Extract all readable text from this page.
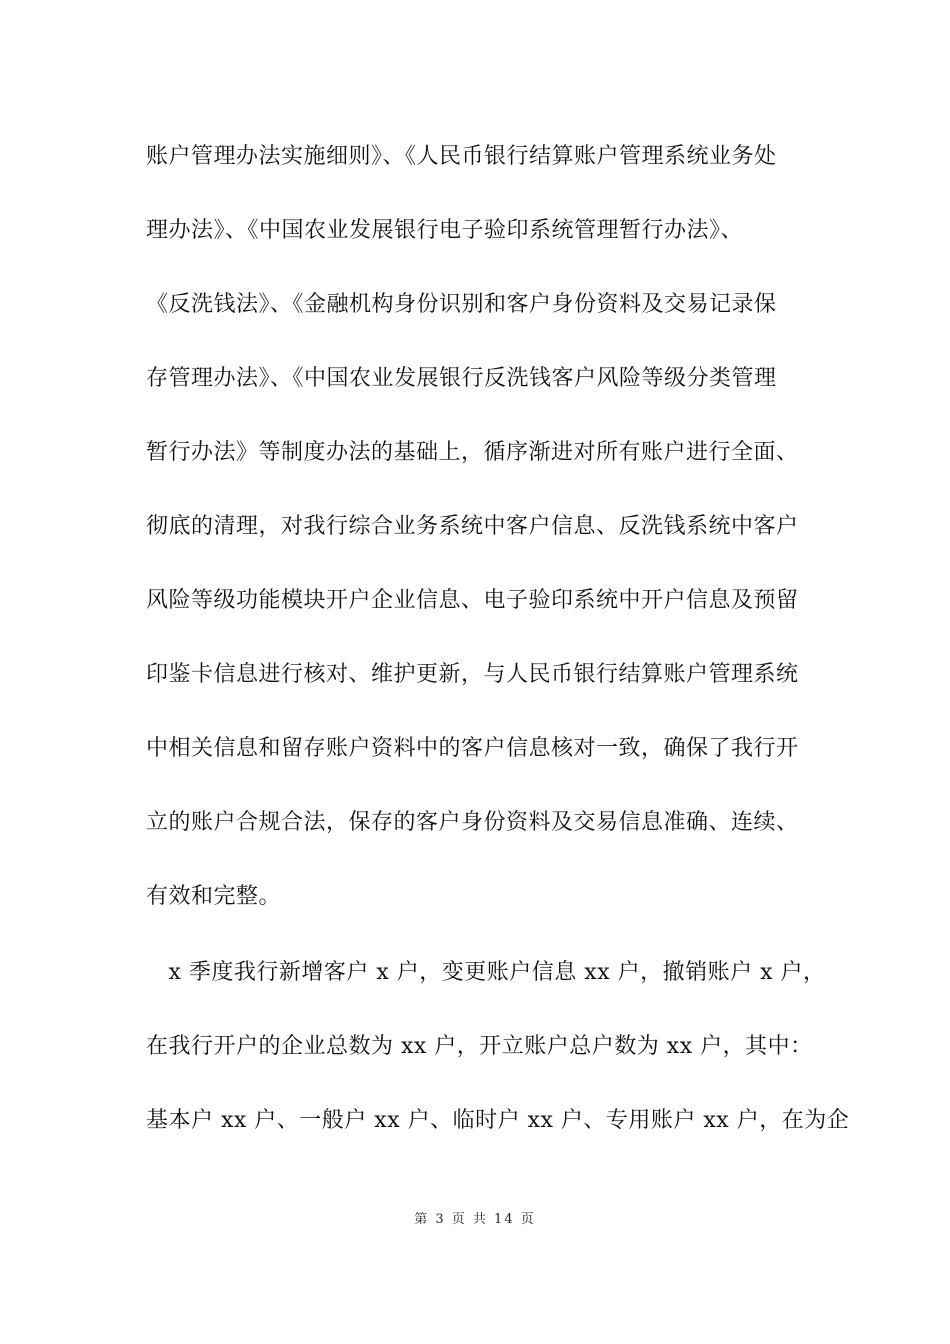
账户管理办法实施细则》、《人民币银行结算账户管理系统业务处
理办法》、《中国农业发展银行电子验印系统管理暂行办法》、
《反洗钱法》、《金融机构身份识别和客户身份资料及交易记录保
存管理办法》、《中国农业发展银行反洗钱客户风险等级分类管理
暂行办法》等制度办法的基础上，循序渐进对所有账户进行全面、
彻底的清理，对我行综合业务系统中客户信息、反洗钱系统中客户
风险等级功能模块开户企业信息、电子验印系统中开户信息及预留
印鉴卡信息进行核对、维护更新，与人民币银行结算账户管理系统
中相关信息和留存账户资料中的客户信息核对一致，确保了我行开
立的账户合规合法，保存的客户身份资料及交易信息准确、连续、
有效和完整。
　x 季度我行新增客户 x 户，变更账户信息 xx 户，撤销账户 x 户，
在我行开户的企业总数为 xx 户，开立账户总户数为 xx 户，其中：
基本户 xx 户、一般户 xx 户、临时户 xx 户、专用账户 xx 户，在为企
第 3 页 共 14 页
